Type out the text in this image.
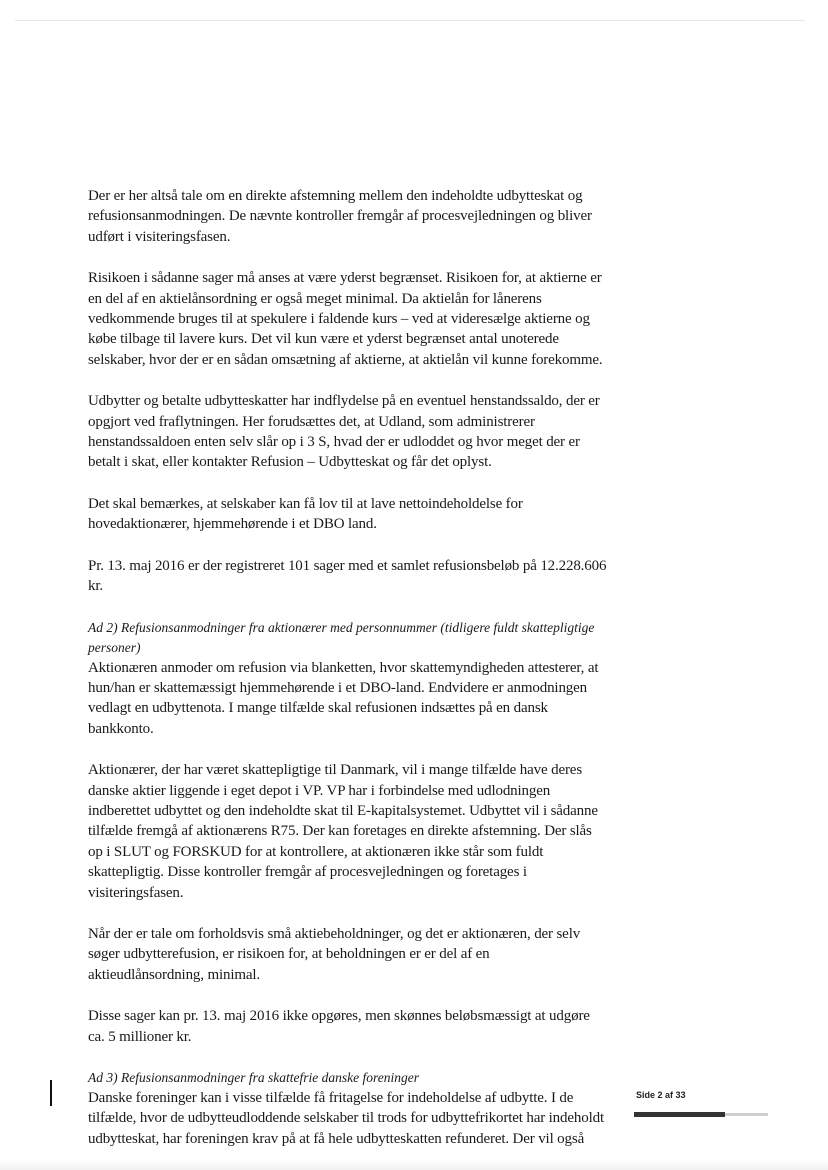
Der er her altså tale om en direkte afstemning mellem den indeholdte udbytteskat og refusionsanmodningen. De nævnte kontroller fremgår af procesvejledningen og bliver udført i visiteringsfasen.

Risikoen i sådanne sager må anses at være yderst begrænset. Risikoen for, at aktierne er en del af en aktielånsordning er også meget minimal. Da aktielån for lånerens vedkommende bruges til at spekulere i faldende kurs – ved at videresælge aktierne og købe tilbage til lavere kurs. Det vil kun være et yderst begrænset antal unoterede selskaber, hvor der er en sådan omsætning af aktierne, at aktielån vil kunne forekomme.

Udbytter og betalte udbytteskatter har indflydelse på en eventuel henstandssaldo, der er opgjort ved fraflytningen. Her forudsættes det, at Udland, som administrerer henstandssaldoen enten selv slår op i 3 S, hvad der er udloddet og hvor meget der er betalt i skat, eller kontakter Refusion – Udbytteskat og får det oplyst.

Det skal bemærkes, at selskaber kan få lov til at lave nettoindeholdelse for hovedaktionærer, hjemmehørende i et DBO land.

Pr. 13. maj 2016 er der registreret 101 sager med et samlet refusionsbeløb på 12.228.606 kr.

Ad 2) Refusionsanmodninger fra aktionærer med personnummer (tidligere fuldt skattepligtige personer)

Aktionæren anmoder om refusion via blanketten, hvor skattemyndigheden attesterer, at hun/han er skattemæssigt hjemmehørende i et DBO-land. Endvidere er anmodningen vedlagt en udbyttenota. I mange tilfælde skal refusionen indsættes på en dansk bankkonto.

Aktionærer, der har været skattepligtige til Danmark, vil i mange tilfælde have deres danske aktier liggende i eget depot i VP. VP har i forbindelse med udlodningen indberettet udbyttet og den indeholdte skat til E-kapitalsystemet. Udbyttet vil i sådanne tilfælde fremgå af aktionærens R75. Der kan foretages en direkte afstemning. Der slås op i SLUT og FORSKUD for at kontrollere, at aktionæren ikke står som fuldt skattepligtig. Disse kontroller fremgår af procesvejledningen og foretages i visiteringsfasen.

Når der er tale om forholdsvis små aktiebeholdninger, og det er aktionæren, der selv søger udbytterefusion, er risikoen for, at beholdningen er er del af en aktieudlånsordning, minimal.

Disse sager kan pr. 13. maj 2016 ikke opgøres, men skønnes beløbsmæssigt at udgøre ca. 5 millioner kr.

Ad 3) Refusionsanmodninger fra skattefrie danske foreninger

Danske foreninger kan i visse tilfælde få fritagelse for indeholdelse af udbytte. I de tilfælde, hvor de udbytteudloddende selskaber til trods for udbyttefrikortet har indeholdt udbytteskat, har foreningen krav på at få hele udbytteskatten refunderet. Der vil også

Side 2 af 33
